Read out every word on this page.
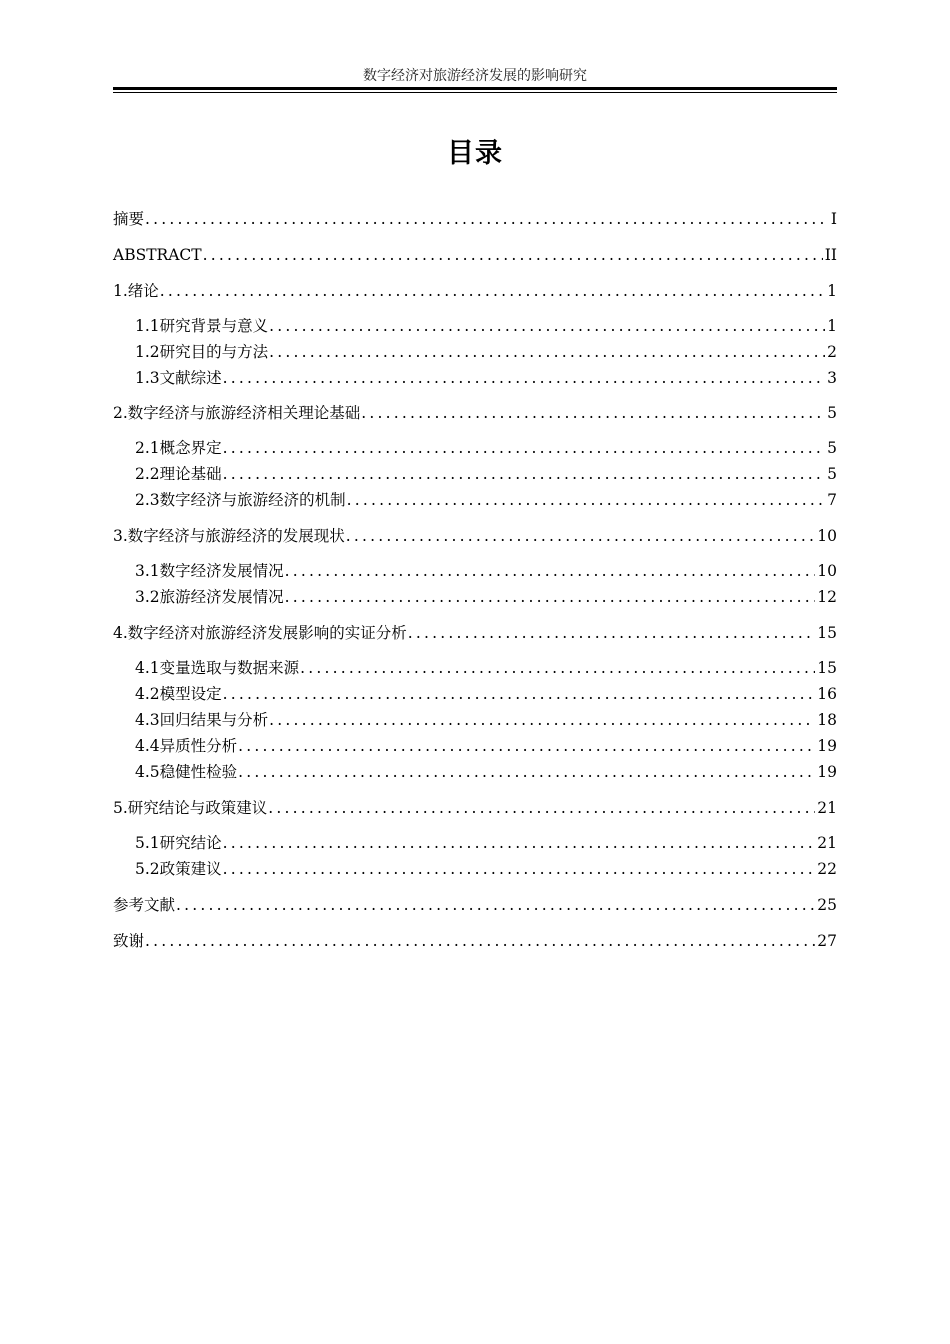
数字经济对旅游经济发展的影响研究
目录
摘要 .....	I
ABSTRACT .....	II
1.绪论 .....	1
1.1研究背景与意义 .....	1
1.2研究目的与方法 .....	2
1.3文献综述 .....	3
2.数字经济与旅游经济相关理论基础 .....	5
2.1概念界定 .....	5
2.2理论基础 .....	5
2.3数字经济与旅游经济的机制 .....	7
3.数字经济与旅游经济的发展现状 .....	10
3.1数字经济发展情况 .....	10
3.2旅游经济发展情况 .....	12
4.数字经济对旅游经济发展影响的实证分析 .....	15
4.1变量选取与数据来源 .....	15
4.2模型设定 .....	16
4.3回归结果与分析 .....	18
4.4异质性分析 .....	19
4.5稳健性检验 .....	19
5.研究结论与政策建议 .....	21
5.1研究结论 .....	21
5.2政策建议 .....	22
参考文献 .....	25
致谢 .....	27
